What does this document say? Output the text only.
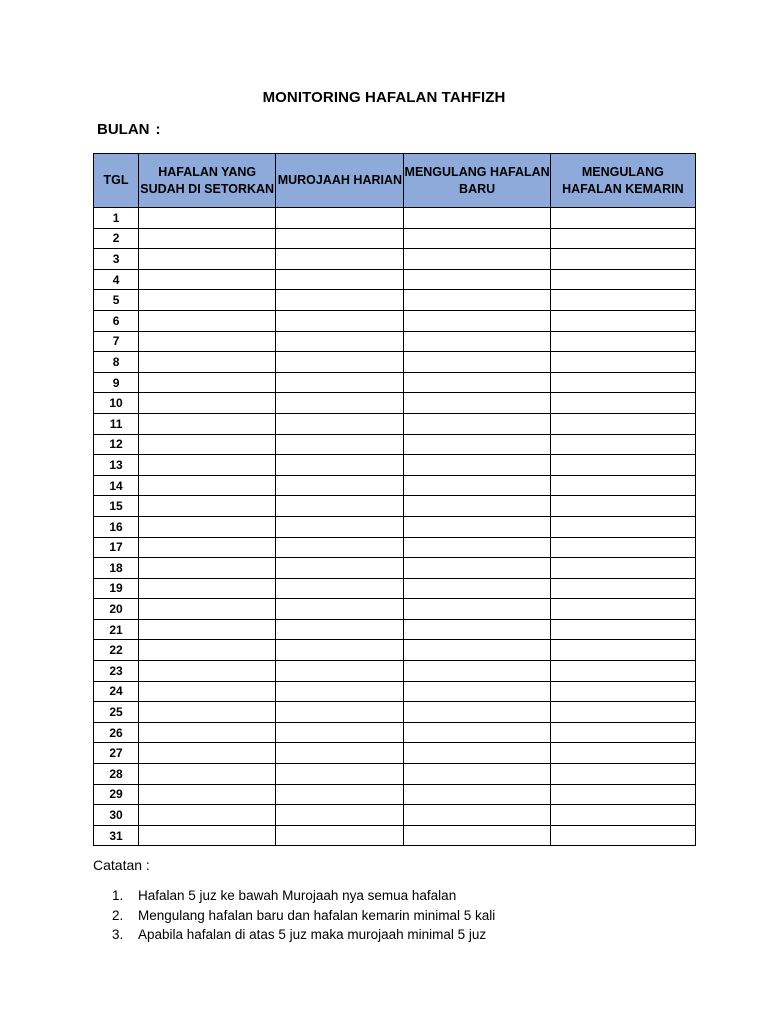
MONITORING HAFALAN TAHFIZH
BULAN :
TGL	HAFALAN YANG SUDAH DI SETORKAN	MUROJAAH HARIAN	MENGULANG HAFALAN BARU	MENGULANG HAFALAN KEMARIN
1				
2				
3				
4				
5				
6				
7				
8				
9				
10				
11				
12				
13				
14				
15				
16				
17				
18				
19				
20				
21				
22				
23				
24				
25				
26				
27				
28				
29				
30				
31				
Catatan :
1. Hafalan 5 juz ke bawah Murojaah nya semua hafalan
2. Mengulang hafalan baru dan hafalan kemarin minimal 5 kali
3. Apabila hafalan di atas 5 juz maka murojaah minimal 5 juz
